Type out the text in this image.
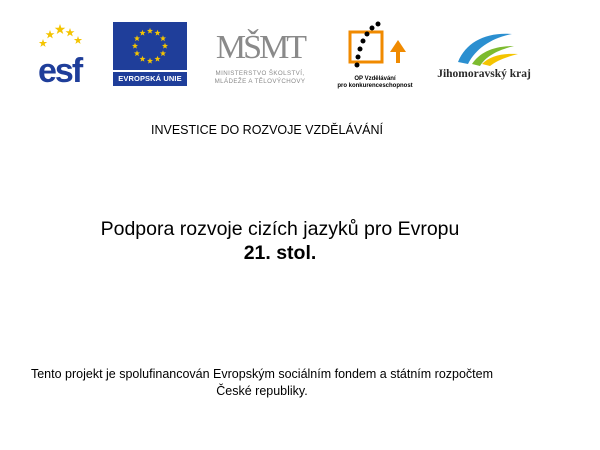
esf	EVROPSKÁ UNIE
MŠMT
MINISTERSTVO ŠKOLSTVÍ,
MLÁDEŽE A TĚLOVÝCHOVY	OP Vzdělávání
pro konkurenceschopnost
Jihomoravský kraj
INVESTICE DO ROZVOJE VZDĚLÁVÁNÍ
Podpora rozvoje cizích jazyků pro Evropu
21. stol.
Tento projekt je spolufinancován Evropským sociálním fondem a státním rozpočtem
České republiky.
